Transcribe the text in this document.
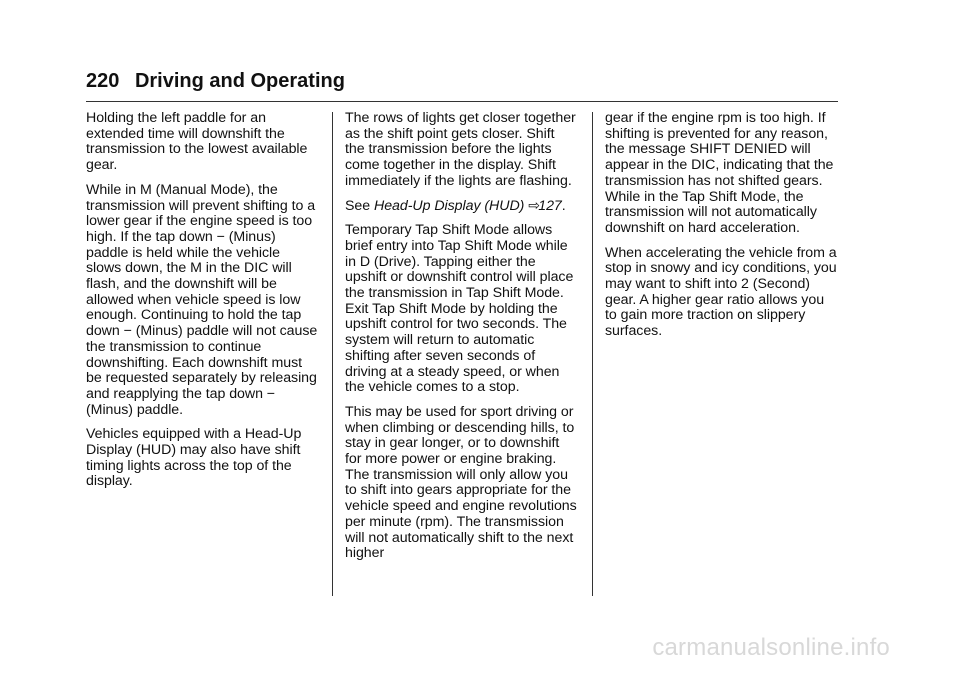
220 Driving and Operating

Holding the left paddle for an extended time will downshift the transmission to the lowest available gear.

While in M (Manual Mode), the transmission will prevent shifting to a lower gear if the engine speed is too high. If the tap down − (Minus) paddle is held while the vehicle slows down, the M in the DIC will flash, and the downshift will be allowed when vehicle speed is low enough. Continuing to hold the tap down − (Minus) paddle will not cause the transmission to continue downshifting. Each downshift must be requested separately by releasing and reapplying the tap down − (Minus) paddle.

Vehicles equipped with a Head-Up Display (HUD) may also have shift timing lights across the top of the display.

The rows of lights get closer together as the shift point gets closer. Shift the transmission before the lights come together in the display. Shift immediately if the lights are flashing.

See Head-Up Display (HUD) ⇨127.

Temporary Tap Shift Mode allows brief entry into Tap Shift Mode while in D (Drive). Tapping either the upshift or downshift control will place the transmission in Tap Shift Mode. Exit Tap Shift Mode by holding the upshift control for two seconds. The system will return to automatic shifting after seven seconds of driving at a steady speed, or when the vehicle comes to a stop.

This may be used for sport driving or when climbing or descending hills, to stay in gear longer, or to downshift for more power or engine braking. The transmission will only allow you to shift into gears appropriate for the vehicle speed and engine revolutions per minute (rpm). The transmission will not automatically shift to the next higher

gear if the engine rpm is too high. If shifting is prevented for any reason, the message SHIFT DENIED will appear in the DIC, indicating that the transmission has not shifted gears. While in the Tap Shift Mode, the transmission will not automatically downshift on hard acceleration.

When accelerating the vehicle from a stop in snowy and icy conditions, you may want to shift into 2 (Second) gear. A higher gear ratio allows you to gain more traction on slippery surfaces.

carmanualsonline.info
